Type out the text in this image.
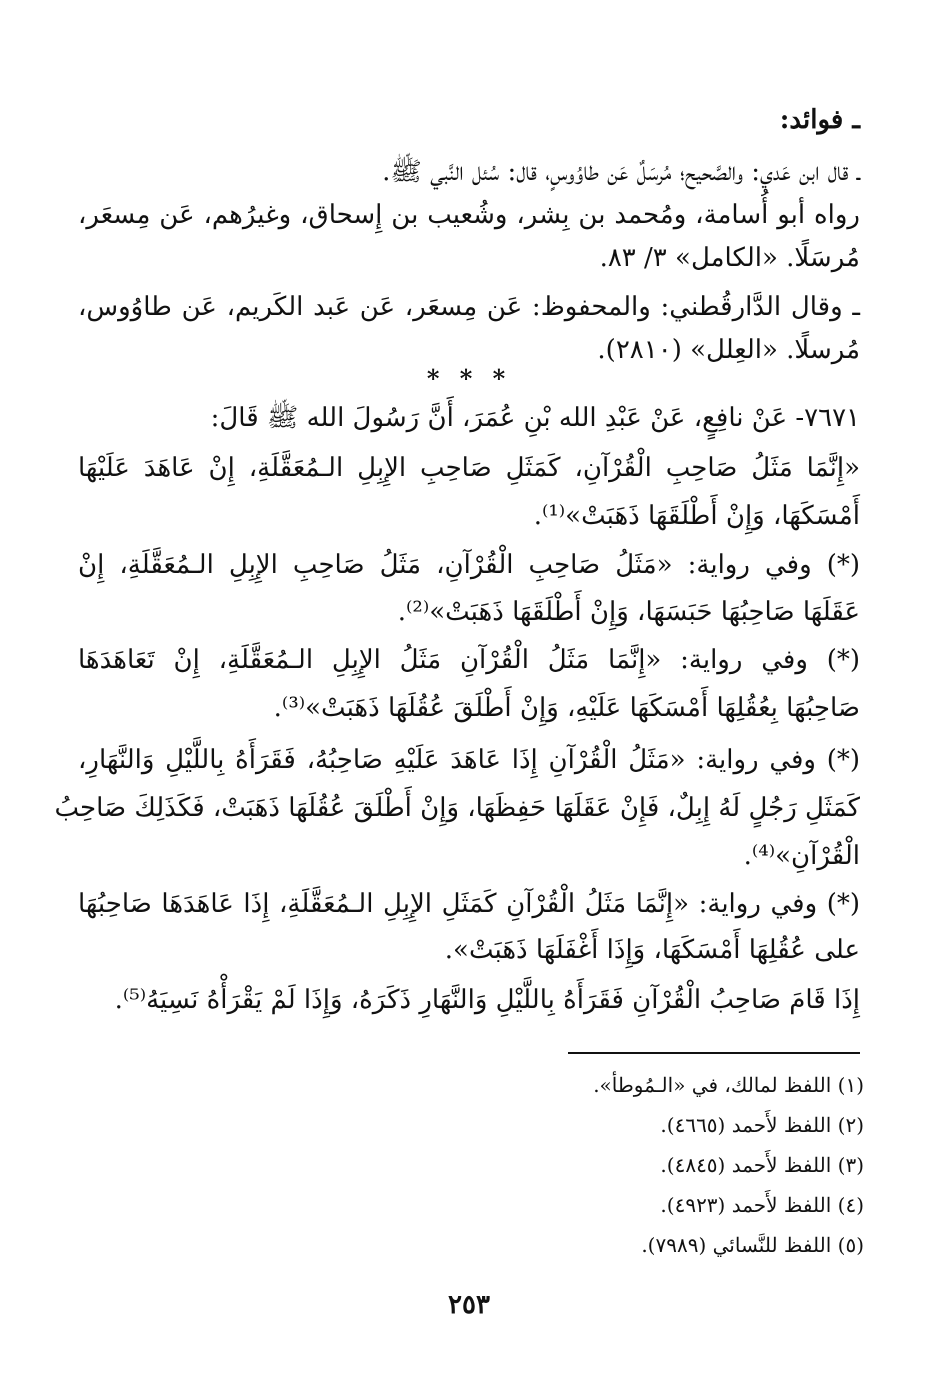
ـ فوائد:
ـ قال ابن عَدي: والصَّحيح؛ مُرسَلٌ عَن طاوُوسٍ، قال: سُئل النَّبي ﷺ.
رواه أبو أُسامة، ومُحمد بن بِشر، وشُعيب بن إِسحاق، وغيرُهم، عَن مِسعَر،
مُرسَلًا. «الكامل» ٣/ ٨٣.
ـ وقال الدَّارقُطني: والمحفوظ: عَن مِسعَر، عَن عَبد الكَريم، عَن طاوُوس،
مُرسلًا. «العِلل» (٢٨١٠).
* * *
٧٦٧١- عَنْ نافِعٍ، عَنْ عَبْدِ الله بْنِ عُمَرَ، أَنَّ رَسُولَ الله ﷺ قَالَ:
«إِنَّمَا مَثَلُ صَاحِبِ الْقُرْآنِ، كَمَثَلِ صَاحِبِ الإِبِلِ الـمُعَقَّلَةِ، إِنْ عَاهَدَ عَلَيْهَا
أَمْسَكَهَا، وَإِنْ أَطْلَقَهَا ذَهَبَتْ»⁽¹⁾.
(*) وفي رواية: «مَثَلُ صَاحِبِ الْقُرْآنِ، مَثَلُ صَاحِبِ الإِبِلِ الـمُعَقَّلَةِ، إِنْ
عَقَلَهَا صَاحِبُهَا حَبَسَهَا، وَإِنْ أَطْلَقَهَا ذَهَبَتْ»⁽²⁾.
(*) وفي رواية: «إِنَّمَا مَثَلُ الْقُرْآنِ مَثَلُ الإِبِلِ الـمُعَقَّلَةِ، إِنْ تَعَاهَدَهَا
صَاحِبُهَا بِعُقُلِهَا أَمْسَكَهَا عَلَيْهِ، وَإِنْ أَطْلَقَ عُقُلَهَا ذَهَبَتْ»⁽³⁾.
(*) وفي رواية: «مَثَلُ الْقُرْآنِ إِذَا عَاهَدَ عَلَيْهِ صَاحِبُهُ، فَقَرَأَهُ بِاللَّيْلِ وَالنَّهَارِ،
كَمَثَلِ رَجُلٍ لَهُ إِبِلٌ، فَإِنْ عَقَلَهَا حَفِظَهَا، وَإِنْ أَطْلَقَ عُقُلَهَا ذَهَبَتْ، فَكَذَلِكَ صَاحِبُ
الْقُرْآنِ»⁽⁴⁾.
(*) وفي رواية: «إِنَّمَا مَثَلُ الْقُرْآنِ كَمَثَلِ الإِبِلِ الـمُعَقَّلَةِ، إِذَا عَاهَدَهَا صَاحِبُهَا
على عُقُلِهَا أَمْسَكَهَا، وَإِذَا أَغْفَلَهَا ذَهَبَتْ».
إِذَا قَامَ صَاحِبُ الْقُرْآنِ فَقَرَأَهُ بِاللَّيْلِ وَالنَّهَارِ ذَكَرَهُ، وَإِذَا لَمْ يَقْرَأْهُ نَسِيَهُ⁽⁵⁾.
(١) اللفظ لمالك، في «الـمُوطأ».
(٢) اللفظ لأَحمد (٤٦٦٥).
(٣) اللفظ لأَحمد (٤٨٤٥).
(٤) اللفظ لأَحمد (٤٩٢٣).
(٥) اللفظ للنَّسائي (٧٩٨٩).
٢٥٣
